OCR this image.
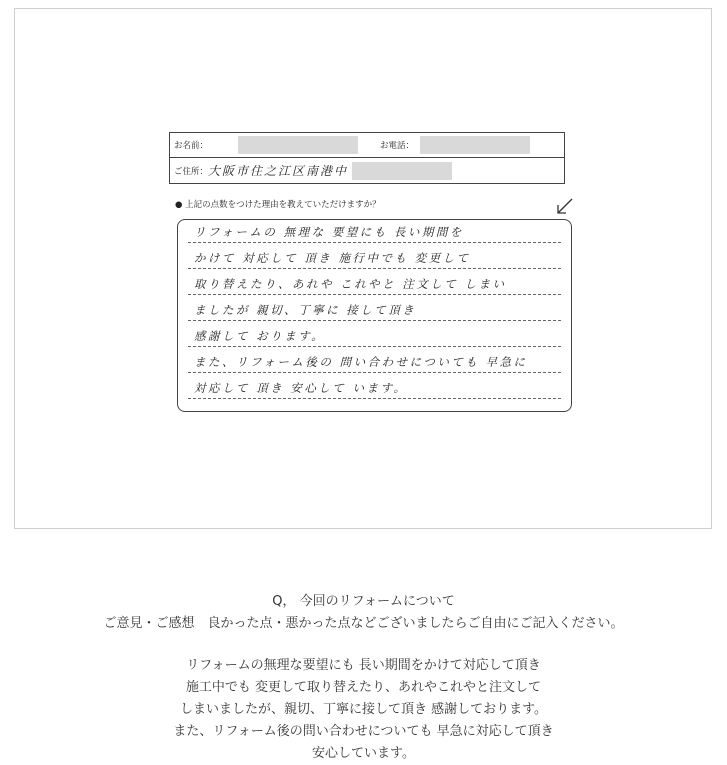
お名前：	お電話：
ご住所： 大阪市住之江区南港中
● 上記の点数をつけた理由を教えていただけますか？
リフォームの 無理な 要望にも 長い期間を
かけて 対応して 頂き 施行中でも 変更して
取り替えたり、あれや これやと 注文して しまい
ましたが 親切、丁寧に 接して頂き
感謝して おります。
また、リフォーム後の 問い合わせについても 早急に
対応して 頂き 安心して います。

Q， 今回のリフォームについて

ご意見・ご感想　良かった点・悪かった点などございましたらご自由にご記入ください。

リフォームの無理な要望にも 長い期間をかけて対応して頂き

施工中でも 変更して取り替えたり、あれやこれやと注文して

しまいましたが、親切、丁寧に接して頂き 感謝しております。

また、リフォーム後の問い合わせについても 早急に対応して頂き

安心しています。
